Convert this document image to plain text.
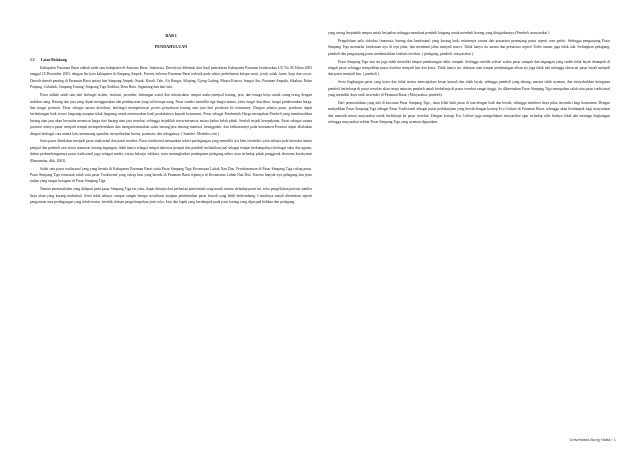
BAB I
PENDAHULUAN
1.1 Latar Belakang

Kabupaten Pasaman Barat adalah salah satu kabupaten di Sumatra Barat, Indonesia. Daerah ini dibentuk dari hasil pemekaran Kabupaten Pasaman berdasarkan UU No.38 Tahun 2003 tanggal 18 Desember 2003, dengan ibu kota kabupaten di Simpang Ampek. Potensi terbesar Pasaman Barat terletak pada sektor perkebunan kelapa sawit, jeruk, salak, karet, kopi dan cocoa. Daerah-daerah penting di Pasaman Barat antara lain Simpang Ampek, Sasak, Kinali, Talu, Air Bangis, Silaping, Ujung Gading, Muara Kiawai, Sungai Aur, Paraman Ampalu, Sikabau, Pulau Panjang, Cubadak, Simpang Tonang, Simpang Tiga Andilau, Desa Baru, Sigantang dan lain-lain.

Pasar adalah salah satu dari berbagai sistem, institusi, prosedur, hubungan sosial dan infrastruktur tempat usaha menjual barang, jasa, dan tenaga kerja untuk orang-orang dengan imbalan uang. Barang dan jasa yang dijual menggunakan alat pembayaran yang sah berupa uang. Pasar sendiri memiliki tiga fungsi utama, yaitu fungsi distribusi, fungsi pembentukan harga, dan fungsi promosi. Pasar sebagai sarana distribusi, berfungsi memperlancar proses penyaluran barang atau jasa dari produsen ke konsumen. Dengan adanya pasar, produsen dapat berhubungan baik secara langsung maupun tidak langsung untuk menawarkan hasil produksinya kepada konsumen. Pasar sebagai Pembentuk Harga merupakan Pembeli yang membutuhkan barang atau jasa akan berusaha menawar harga dari barang atau jasa tersebut, sehingga terjadilah tawar-menawar antara kedua belah pihak. Setelah terjadi kesepakatan. Pasar sebagai sarana promosi artinya pasar menjadi tempat memperkenalkan dan menginformasikan suatu barang/jasa tentang manfaat, keunggulan, dan kekhasannya pada konsumen.Promosi dapat dilakukan dengan berbagai cara antara lain, memasang spanduk, menyebarkan brosur, pameran, dan sebagainya. ( Sumber: Menteks.com )

Jenis pasar dibedakan menjadi pasar tradisional dan pasar modern. Pasar tradisional merupakan sektor perdagangan yang memiliki sisi khas tersendiri yaitu adanya pola interaksi antara penjual dan pembeli saat tawar menawar barang dagangan, tidak hanya sebagai tempat aktivitas penjual dan pembeli melakukan jual sebagai tempat berkumpulnya berbagai suku dan agama, dalam perkembangannya pasar tradisional juga sebagai media wisata belanja, edukasi, serta meningkatkan pendapatan pedagang mikro atau terhadap pihak penggerak ekonomi kerakyatan (Baruamian, dkk, 2003).

Salah satu pasar tradisional yang yang berada di Kabupaten Pasaman Barat yaitu Pasar Simpang Tiga Kecamatan Luhak Nan Duo. Perekonomian di Pasar Simpang Tiga cukup pesat. Pasar Simpang Tiga termasuk salah satu pasar Tradisional yang cukup luas yang berada di Pasaman Barat tepatnya di Kecamatan Luhak Nan Duo. Karena banyak nya pedagang dan jenis jualan yang sangat beragam di Pasar Simpang Tiga.

Namun permasalahan yang didapati pada pasar Simpang Tiga ini yaitu, dapat ditinjau dari perhatian pemerintah yang masih minim terhadap pasar ini, serta pengelolaan potensi sumber daya alam yang kurang maksimal. Serta tidak adanya campur tangan berupa sosialisasi ataupun pembenahan pasar kearah yang lebih berkembang. Contohnya masih ditemukan seperti pengaturan area perdagangan yang tidak teratur, keridak jelasan pengelompokan jenis toko, kios dan lapak yang berdampak pada jenis barang yang diperjual belikan dan pedagang

yang sering berpindah tempat untuk berjualan sehingga membuat pembeli bingung untuk membeli barang yang diinginkannya (Pembeli, masyarakat ).

Pengelolaan pola sirkulasi (manusia, barang dan kendaraan) yang kurang baik, minimnya sarana dan prasarana penunjang pasar seperti area parkir. Sehingga pengunjung Pasar Simpang Tiga memarkir kendaraan nya di tepi jalan, dan membuat jalan menjadi macet. Tidak hanya itu sarana dan prasarana seperti Toilet umum juga tidak ada. Sedangkan pedagang, pembeli dan pengunjung pasar membutuhkan fasilitas tersebut. ( pedagang, pembeli, masyarakat ).

Pasar Simpang Tiga saat ini juga tidak memiliki tempat pembuangan akhir sampah. Sehingga setelah selesai waktu pasar sampah dan dagangan yang sudah tidak layak ditumpuk di tengah pasar sehingga menjadikan pasar tersebut menjadi bau dan kotor. Tidak hanya itu, drainase atau tempat pembuangan aliran air juga tidak ada sehingga aliran air pasar basah menjadi dan pasar menjadi bau. ( pembeli ).

Serta lingkungan pasar yang kotor dan tidak teratur menciptakan kesan kumuh dan tidak layak, sehingga pembeli yang datang, merasa tidak nyaman, dan menyebabkan keinginan pembeli berbelanja di pasar tersebut akan tetapi antusias pembeli untuk berbelanja di pasar tersebut sangat tinggi, itu dikarenakan Pasar Simpang Tiga merupakan salah satu pasar tradisional yang memiliki daya tarik tersendiri di Pasaman Barat. (Masyarakat, pembeli).

Dari permasalahan yang ada di kawasan Pasar Simpang Tiga , akan lebih baik pasar di tata dengan baik dan bersih, sehingga memberi daya pikat tersendiri bagi konsumen. Dengan menjadikan Pasar Simpang Tiga sebagai Pasar Tradisional sebagai pusat perbelanjaan yang bersih dengan konsep Eco Culture di Pasaman Barat, sehingga akan berdampak bagi masyarakat dan menarik minat masyarakat untuk berbelanja ke pasar tersebut. Dengan konsep Eco Culture juga mengedukasi masyarakat agar terhadap nilai budaya lokal dan menjaga lingkungan sehingga masyarakat sekitar Pasar Simpang Tiga yang nyaman digunakan.

Universitas Bung Hatta / 1
